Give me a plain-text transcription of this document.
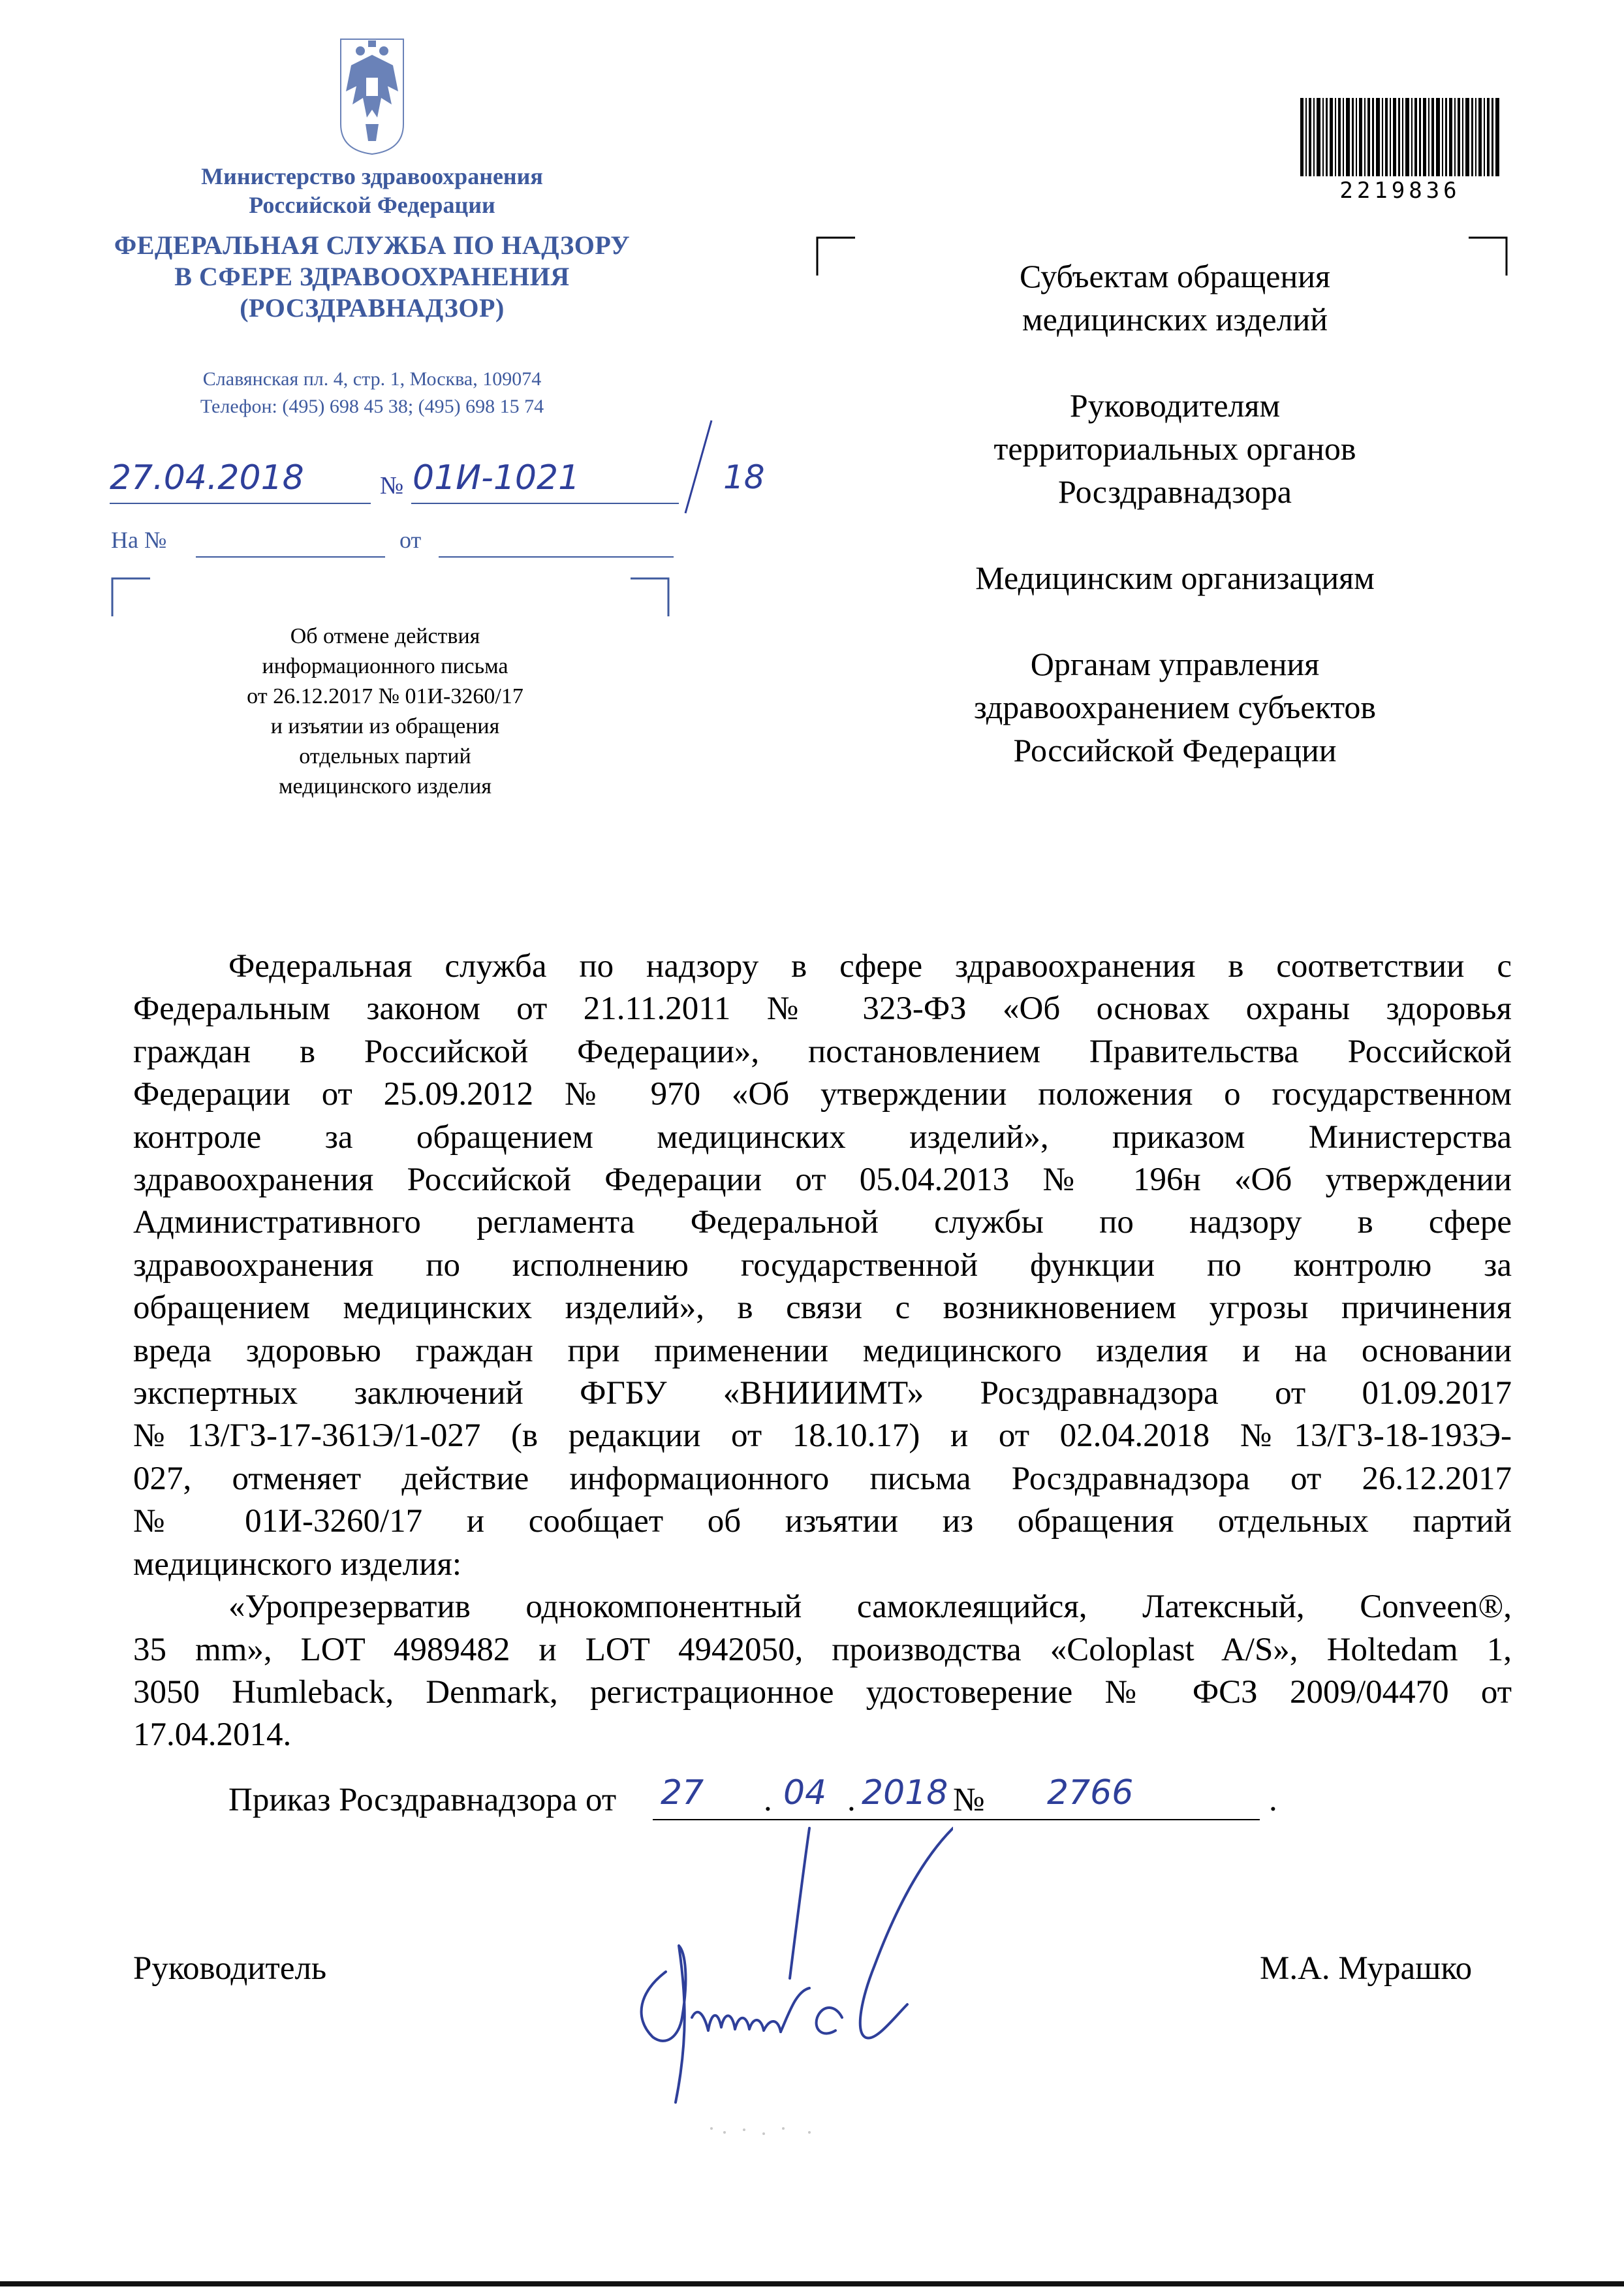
Министерство здравоохранения
Российской Федерации
ФЕДЕРАЛЬНАЯ СЛУЖБА ПО НАДЗОРУ
В СФЕРЕ ЗДРАВООХРАНЕНИЯ
(РОСЗДРАВНАДЗОР)
Славянская пл. 4, стр. 1, Москва, 109074
Телефон: (495) 698 45 38; (495) 698 15 74
27.04.2018	№ 01И-1021	18
На №	от
Об отмене действия
информационного письма
от 26.12.2017 № 01И-3260/17
и изъятии из обращения
отдельных партий
медицинского изделия
2219836

Субъектам обращения

медицинских изделий

Руководителям

территориальных органов

Росздравнадзора

Медицинским организациям

Органам управления

здравоохранением субъектов

Российской Федерации

Федеральная служба по надзору в сфере здравоохранения в соответствии с
Федеральным законом от 21.11.2011 № 323-ФЗ «Об основах охраны здоровья
граждан в Российской Федерации», постановлением Правительства Российской
Федерации от 25.09.2012 № 970 «Об утверждении положения о государственном
контроле за обращением медицинских изделий», приказом Министерства
здравоохранения Российской Федерации от 05.04.2013 № 196н «Об утверждении
Административного регламента Федеральной службы по надзору в сфере
здравоохранения по исполнению государственной функции по контролю за
обращением медицинских изделий», в связи с возникновением угрозы причинения
вреда здоровью граждан при применении медицинского изделия и на основании
экспертных заключений ФГБУ «ВНИИИМТ» Росздравнадзора от 01.09.2017
№13/ГЗ-17-361Э/1-027 (в редакции от 18.10.17) и от 02.04.2018 №13/ГЗ-18-193Э-
027, отменяет действие информационного письма Росздравнадзора от 26.12.2017
№ 01И-3260/17 и сообщает об изъятии из обращения отдельных партий
медицинского изделия:
«Уропрезерватив однокомпонентный самоклеящийся, Латексный, Conveen®,
35 mm», LOT 4989482 и LOT 4942050, производства «Coloplast A/S», Holtedam 1,
3050 Humleback, Denmark, регистрационное удостоверение № ФСЗ 2009/04470 от
17.04.2014.
Приказ Росздравнадзора от 27 . 04 . 2018 № 2766	.
Руководитель	М.А. Мурашко
